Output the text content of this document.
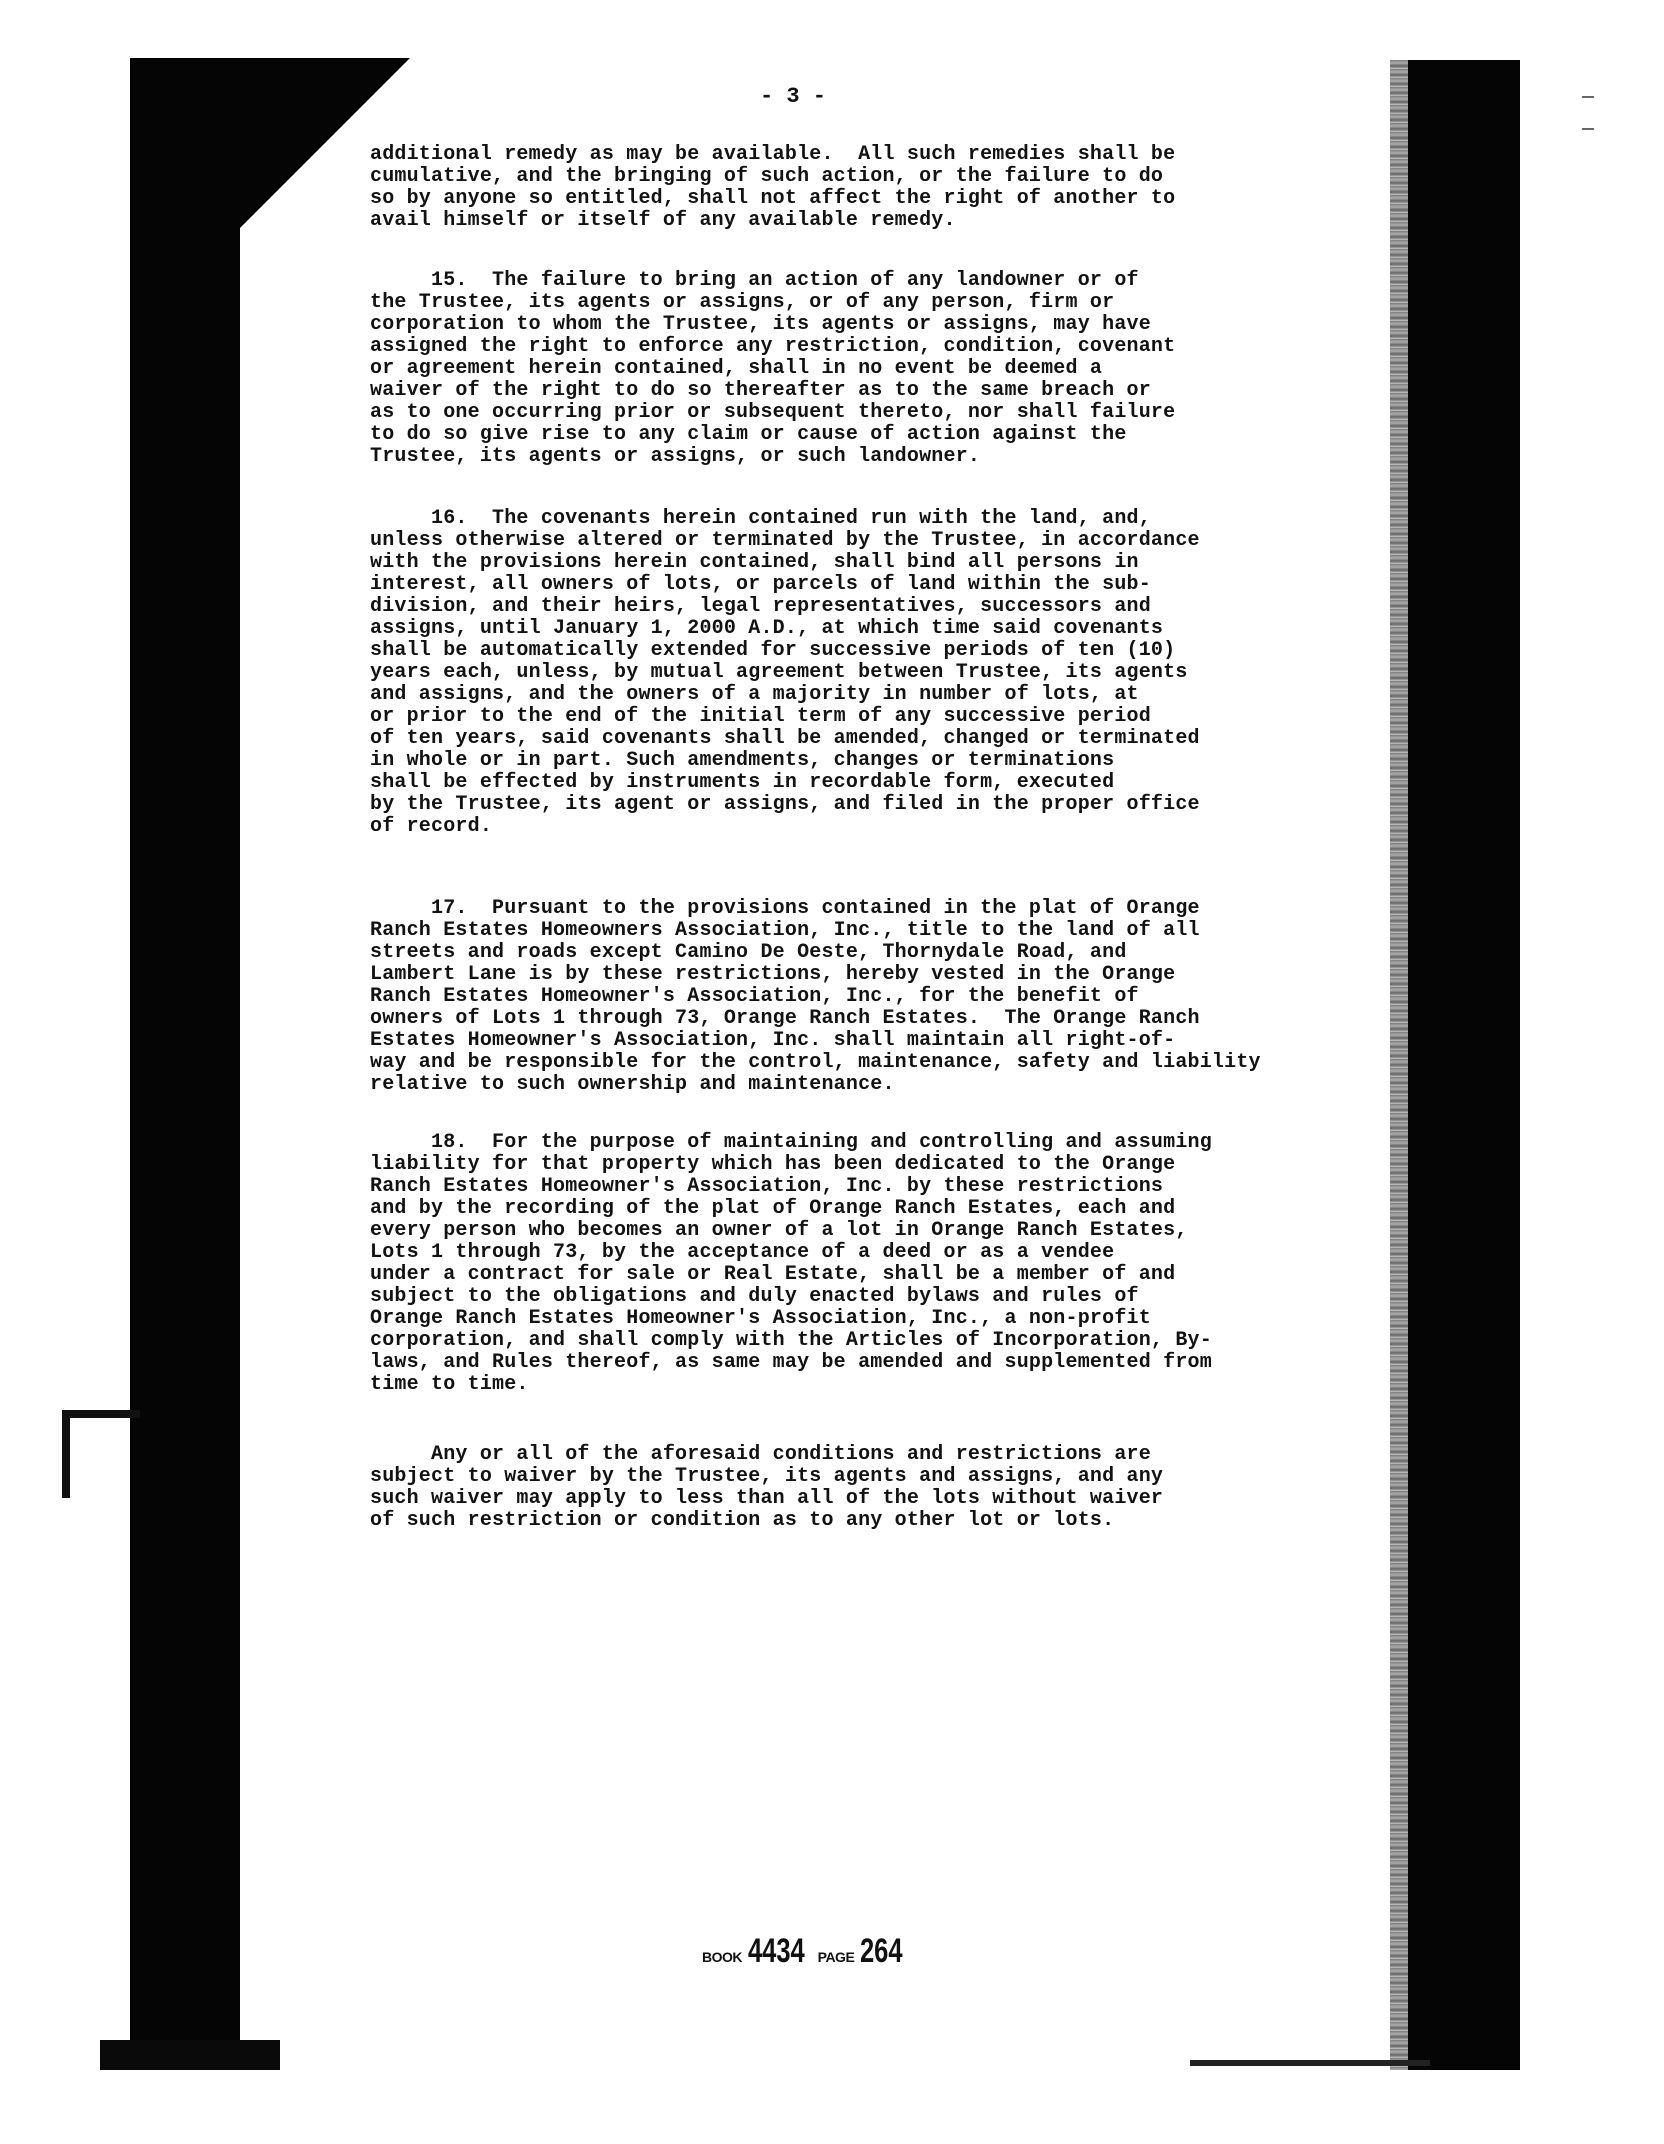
- 3 -
additional remedy as may be available.  All such remedies shall be
cumulative, and the bringing of such action, or the failure to do
so by anyone so entitled, shall not affect the right of another to
avail himself or itself of any available remedy.
15.  The failure to bring an action of any landowner or of
the Trustee, its agents or assigns, or of any person, firm or
corporation to whom the Trustee, its agents or assigns, may have
assigned the right to enforce any restriction, condition, covenant
or agreement herein contained, shall in no event be deemed a
waiver of the right to do so thereafter as to the same breach or
as to one occurring prior or subsequent thereto, nor shall failure
to do so give rise to any claim or cause of action against the
Trustee, its agents or assigns, or such landowner.
16.  The covenants herein contained run with the land, and,
unless otherwise altered or terminated by the Trustee, in accordance
with the provisions herein contained, shall bind all persons in
interest, all owners of lots, or parcels of land within the sub-
division, and their heirs, legal representatives, successors and
assigns, until January 1, 2000 A.D., at which time said covenants
shall be automatically extended for successive periods of ten (10)
years each, unless, by mutual agreement between Trustee, its agents
and assigns, and the owners of a majority in number of lots, at
or prior to the end of the initial term of any successive period
of ten years, said covenants shall be amended, changed or terminated
in whole or in part. Such amendments, changes or terminations
shall be effected by instruments in recordable form, executed
by the Trustee, its agent or assigns, and filed in the proper office
of record.
17.  Pursuant to the provisions contained in the plat of Orange
Ranch Estates Homeowners Association, Inc., title to the land of all
streets and roads except Camino De Oeste, Thornydale Road, and
Lambert Lane is by these restrictions, hereby vested in the Orange
Ranch Estates Homeowner's Association, Inc., for the benefit of
owners of Lots 1 through 73, Orange Ranch Estates.  The Orange Ranch
Estates Homeowner's Association, Inc. shall maintain all right-of-
way and be responsible for the control, maintenance, safety and liability
relative to such ownership and maintenance.
18.  For the purpose of maintaining and controlling and assuming
liability for that property which has been dedicated to the Orange
Ranch Estates Homeowner's Association, Inc. by these restrictions
and by the recording of the plat of Orange Ranch Estates, each and
every person who becomes an owner of a lot in Orange Ranch Estates,
Lots 1 through 73, by the acceptance of a deed or as a vendee
under a contract for sale or Real Estate, shall be a member of and
subject to the obligations and duly enacted bylaws and rules of
Orange Ranch Estates Homeowner's Association, Inc., a non-profit
corporation, and shall comply with the Articles of Incorporation, By-
laws, and Rules thereof, as same may be amended and supplemented from
time to time.
Any or all of the aforesaid conditions and restrictions are
subject to waiver by the Trustee, its agents and assigns, and any
such waiver may apply to less than all of the lots without waiver
of such restriction or condition as to any other lot or lots.
BOOK 4434 PAGE 264
